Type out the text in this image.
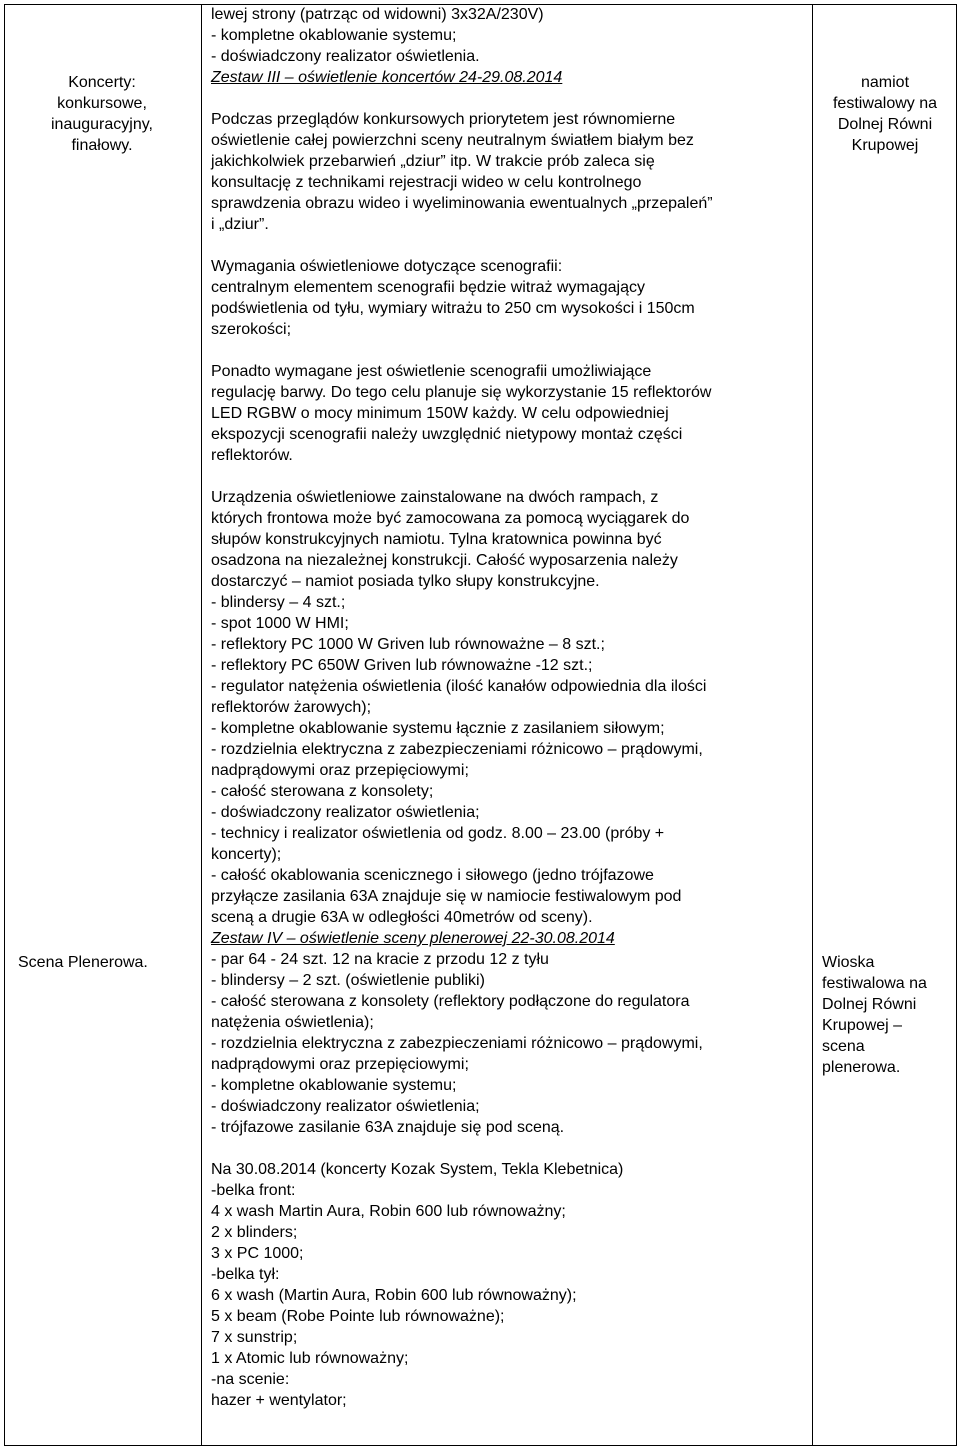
Koncerty:
konkursowe,
inauguracyjny,
finałowy.
Scena Plenerowa.
namiot
festiwalowy na
Dolnej Równi
Krupowej
Wioska
festiwalowa na
Dolnej Równi
Krupowej –
scena
plenerowa.
lewej strony (patrząc od widowni) 3x32A/230V)
- kompletne okablowanie systemu;
- doświadczony realizator oświetlenia.
Zestaw III – oświetlenie koncertów 24-29.08.2014
Podczas przeglądów konkursowych priorytetem jest równomierne
oświetlenie całej powierzchni sceny neutralnym światłem białym bez
jakichkolwiek przebarwień „dziur” itp. W trakcie prób zaleca się
konsultację z technikami rejestracji wideo w celu kontrolnego
sprawdzenia obrazu wideo i wyeliminowania ewentualnych „przepaleń”
i „dziur”.
Wymagania oświetleniowe dotyczące scenografii:
centralnym elementem scenografii będzie witraż wymagający
podświetlenia od tyłu, wymiary witrażu to 250 cm wysokości i 150cm
szerokości;
Ponadto wymagane jest oświetlenie scenografii umożliwiające
regulację barwy. Do tego celu planuje się wykorzystanie 15 reflektorów
LED RGBW o mocy minimum 150W każdy. W celu odpowiedniej
ekspozycji scenografii należy uwzględnić nietypowy montaż części
reflektorów.
Urządzenia oświetleniowe zainstalowane na dwóch rampach, z
których frontowa może być zamocowana za pomocą wyciągarek do
słupów konstrukcyjnych namiotu. Tylna kratownica powinna być
osadzona na niezależnej konstrukcji. Całość wyposarzenia należy
dostarczyć – namiot posiada tylko słupy konstrukcyjne.
- blindersy – 4 szt.;
- spot 1000 W HMI;
- reflektory PC 1000 W Griven lub równoważne – 8 szt.;
- reflektory PC 650W Griven lub równoważne -12 szt.;
- regulator natężenia oświetlenia (ilość kanałów odpowiednia dla ilości
reflektorów żarowych);
- kompletne okablowanie systemu łącznie z zasilaniem siłowym;
- rozdzielnia elektryczna z zabezpieczeniami różnicowo – prądowymi,
nadprądowymi oraz przepięciowymi;
- całość sterowana z konsolety;
- doświadczony realizator oświetlenia;
- technicy i realizator oświetlenia od godz. 8.00 – 23.00 (próby +
koncerty);
- całość okablowania scenicznego i siłowego (jedno trójfazowe
przyłącze zasilania 63A znajduje się w namiocie festiwalowym pod
sceną a drugie 63A w odległości 40metrów od sceny).
Zestaw IV – oświetlenie sceny plenerowej 22-30.08.2014
- par 64 - 24 szt. 12 na kracie z przodu 12 z tyłu
- blindersy – 2 szt. (oświetlenie publiki)
- całość sterowana z konsolety (reflektory podłączone do regulatora
natężenia oświetlenia);
- rozdzielnia elektryczna z zabezpieczeniami różnicowo – prądowymi,
nadprądowymi oraz przepięciowymi;
- kompletne okablowanie systemu;
- doświadczony realizator oświetlenia;
- trójfazowe zasilanie 63A znajduje się pod sceną.
Na 30.08.2014 (koncerty Kozak System, Tekla Klebetnica)
-belka front:
4 x wash Martin Aura, Robin 600 lub równoważny;
2 x blinders;
3 x PC 1000;
-belka tył:
6 x wash (Martin Aura, Robin 600 lub równoważny);
5 x beam (Robe Pointe lub równoważne);
7 x sunstrip;
1 x Atomic lub równoważny;
-na scenie:
hazer + wentylator;
